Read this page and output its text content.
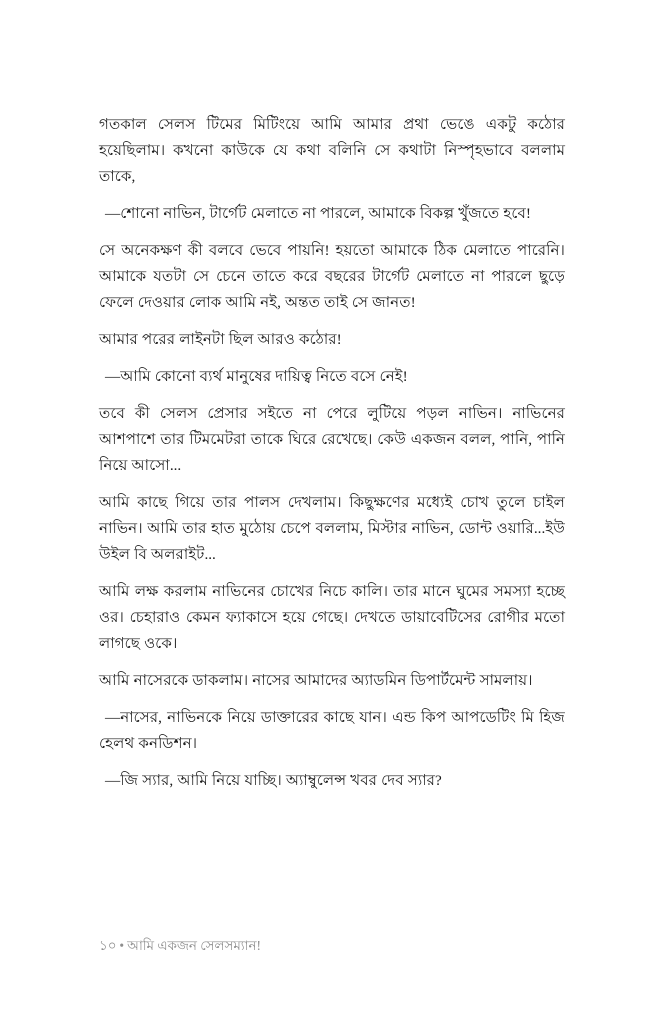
গতকাল সেলস টিমের মিটিংয়ে আমি আমার প্রথা ভেঙে একটু কঠোর হয়েছিলাম। কখনো কাউকে যে কথা বলিনি সে কথাটা নিস্পৃহভাবে বললাম তাকে,

—শোনো নাভিন, টার্গেট মেলাতে না পারলে, আমাকে বিকল্প খুঁজতে হবে!

সে অনেকক্ষণ কী বলবে ভেবে পায়নি! হয়তো আমাকে ঠিক মেলাতে পারেনি। আমাকে যতটা সে চেনে তাতে করে বছরের টার্গেট মেলাতে না পারলে ছুড়ে ফেলে দেওয়ার লোক আমি নই, অন্তত তাই সে জানত!

আমার পরের লাইনটা ছিল আরও কঠোর!

—আমি কোনো ব্যর্থ মানুষের দায়িত্ব নিতে বসে নেই!

তবে কী সেলস প্রেসার সইতে না পেরে লুটিয়ে পড়ল নাভিন। নাভিনের আশপাশে তার টিমমেটরা তাকে ঘিরে রেখেছে। কেউ একজন বলল, পানি, পানি নিয়ে আসো...

আমি কাছে গিয়ে তার পালস দেখলাম। কিছুক্ষণের মধ্যেই চোখ তুলে চাইল নাভিন। আমি তার হাত মুঠোয় চেপে বললাম, মিস্টার নাভিন, ডোন্ট ওয়ারি...ইউ উইল বি অলরাইট...

আমি লক্ষ করলাম নাভিনের চোখের নিচে কালি। তার মানে ঘুমের সমস্যা হচ্ছে ওর। চেহারাও কেমন ফ্যাকাসে হয়ে গেছে। দেখতে ডায়াবেটিসের রোগীর মতো লাগছে ওকে।

আমি নাসেরকে ডাকলাম। নাসের আমাদের অ্যাডমিন ডিপার্টমেন্ট সামলায়।

—নাসের, নাভিনকে নিয়ে ডাক্তারের কাছে যান। এন্ড কিপ আপডেটিং মি হিজ হেলথ কনডিশন।

—জি স্যার, আমি নিয়ে যাচ্ছি। অ্যাম্বুলেন্স খবর দেব স্যার?

১০ • আমি একজন সেলসম্যান!
